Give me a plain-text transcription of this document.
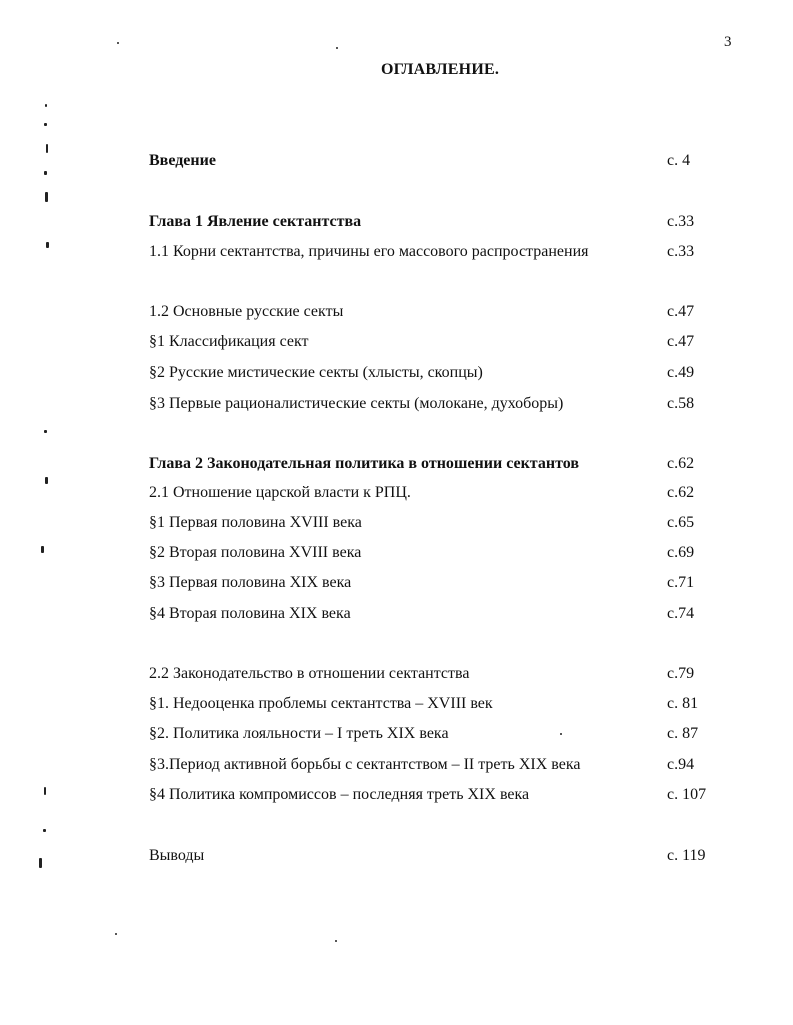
3
ОГЛАВЛЕНИЕ.
Введение	с. 4
Глава 1 Явление сектантства	с.33
1.1 Корни сектантства, причины его массового распространения	с.33
1.2 Основные русские секты	с.47
§1 Классификация сект	с.47
§2 Русские мистические секты (хлысты, скопцы)	с.49
§3 Первые рационалистические секты (молокане, духоборы)	с.58
Глава 2 Законодательная политика в отношении сектантов	с.62
2.1 Отношение царской власти к РПЦ.	с.62
§1 Первая половина XVIII века	с.65
§2 Вторая половина XVIII века	с.69
§3 Первая половина XIX века	с.71
§4 Вторая половина XIX века	с.74
2.2 Законодательство в отношении сектантства	с.79
§1. Недооценка проблемы сектантства – XVIII век	с. 81
§2. Политика лояльности – I треть XIX века	с. 87
§3.Период активной борьбы с сектантством – II треть XIX века	с.94
§4 Политика компромиссов – последняя треть XIX века	с. 107
Выводы	с. 119
